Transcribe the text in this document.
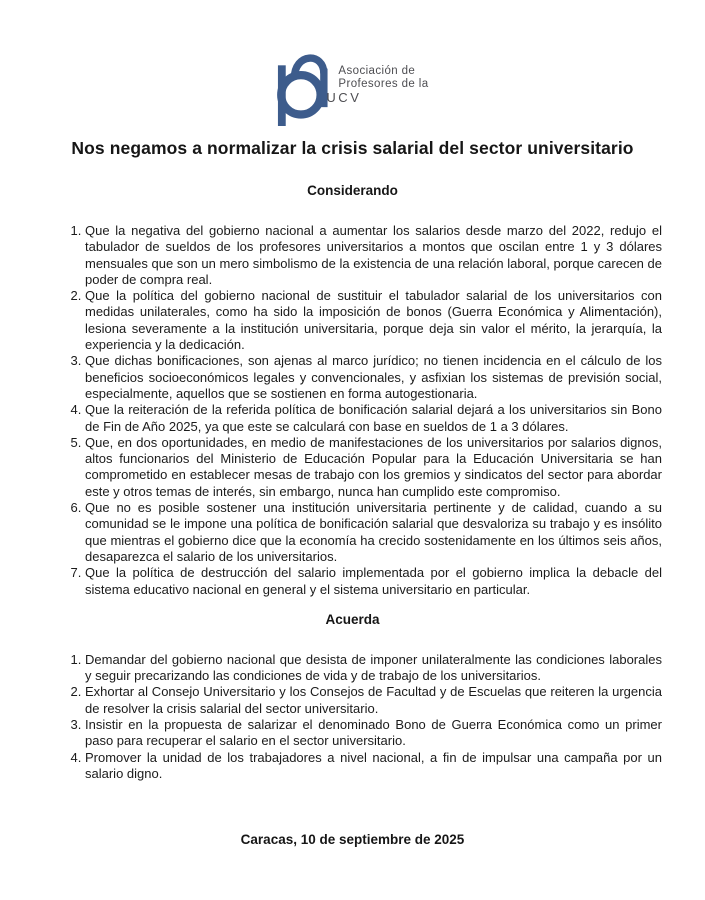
Asociación de
Profesores de la
UCV
Nos negamos a normalizar la crisis salarial del sector universitario
Considerando
1. Que la negativa del gobierno nacional a aumentar los salarios desde marzo del 2022, redujo el tabulador de sueldos de los profesores universitarios a montos que oscilan entre 1 y 3 dólares mensuales que son un mero simbolismo de la existencia de una relación laboral, porque carecen de poder de compra real.
2. Que la política del gobierno nacional de sustituir el tabulador salarial de los universitarios con medidas unilaterales, como ha sido la imposición de bonos (Guerra Económica y Alimentación), lesiona severamente a la institución universitaria, porque deja sin valor el mérito, la jerarquía, la experiencia y la dedicación.
3. Que dichas bonificaciones, son ajenas al marco jurídico; no tienen incidencia en el cálculo de los beneficios socioeconómicos legales y convencionales, y asfixian los sistemas de previsión social, especialmente, aquellos que se sostienen en forma autogestionaria.
4. Que la reiteración de la referida política de bonificación salarial dejará a los universitarios sin Bono de Fin de Año 2025, ya que este se calculará con base en sueldos de 1 a 3 dólares.
5. Que, en dos oportunidades, en medio de manifestaciones de los universitarios por salarios dignos, altos funcionarios del Ministerio de Educación Popular para la Educación Universitaria se han comprometido en establecer mesas de trabajo con los gremios y sindicatos del sector para abordar este y otros temas de interés, sin embargo, nunca han cumplido este compromiso.
6. Que no es posible sostener una institución universitaria pertinente y de calidad, cuando a su comunidad se le impone una política de bonificación salarial que desvaloriza su trabajo y es insólito que mientras el gobierno dice que la economía ha crecido sostenidamente en los últimos seis años, desaparezca el salario de los universitarios.
7. Que la política de destrucción del salario implementada por el gobierno implica la debacle del sistema educativo nacional en general y el sistema universitario en particular.
Acuerda
1. Demandar del gobierno nacional que desista de imponer unilateralmente las condiciones laborales y seguir precarizando las condiciones de vida y de trabajo de los universitarios.
2. Exhortar al Consejo Universitario y los Consejos de Facultad y de Escuelas que reiteren la urgencia de resolver la crisis salarial del sector universitario.
3. Insistir en la propuesta de salarizar el denominado Bono de Guerra Económica como un primer paso para recuperar el salario en el sector universitario.
4. Promover la unidad de los trabajadores a nivel nacional, a fin de impulsar una campaña por un salario digno.
Caracas, 10 de septiembre de 2025
